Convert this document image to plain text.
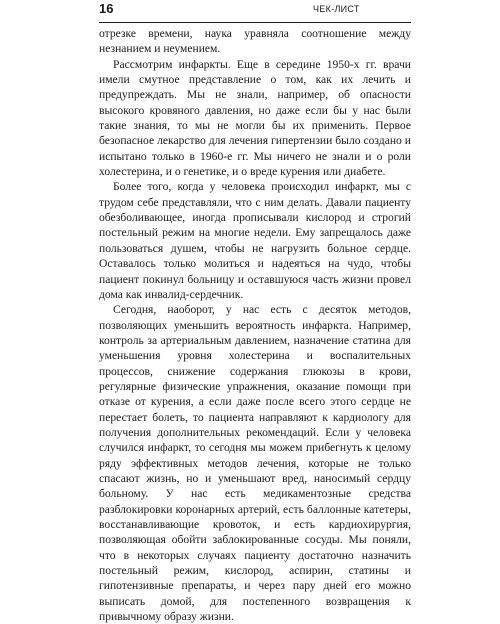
16	ЧЕК-ЛИСТ

отрезке времени, наука уравняла соотношение между незнанием и неумением.

Рассмотрим инфаркты. Еще в середине 1950-х гг. врачи имели смутное представление о том, как их лечить и предупреждать. Мы не знали, например, об опасности высокого кровяного давления, но даже если бы у нас были такие знания, то мы не могли бы их применить. Первое безопасное лекарство для лечения гипертензии было создано и испытано только в 1960-е гг. Мы ничего не знали и о роли холестерина, и о генетике, и о вреде курения или диабете.

Более того, когда у человека происходил инфаркт, мы с трудом себе представляли, что с ним делать. Давали пациенту обезболивающее, иногда прописывали кислород и строгий постельный режим на многие недели. Ему запрещалось даже пользоваться душем, чтобы не нагрузить больное сердце. Оставалось только молиться и надеяться на чудо, чтобы пациент покинул больницу и оставшуюся часть жизни провел дома как инвалид-сердечник.

Сегодня, наоборот, у нас есть с десяток методов, позволяющих уменьшить вероятность инфаркта. Например, контроль за артериальным давлением, назначение статина для уменьшения уровня холестерина и воспалительных процессов, снижение содержания глюкозы в крови, регулярные физические упражнения, оказание помощи при отказе от курения, а если даже после всего этого сердце не перестает болеть, то пациента направляют к кардиологу для получения дополнительных рекомендаций. Если у человека случился инфаркт, то сегодня мы можем прибегнуть к целому ряду эффективных методов лечения, которые не только спасают жизнь, но и уменьшают вред, наносимый сердцу больному. У нас есть медикаментозные средства разблокировки коронарных артерий, есть баллонные катетеры, восстанавливающие кровоток, и есть кардиохирургия, позволяющая обойти заблокированные сосуды. Мы поняли, что в некоторых случаях пациенту достаточно назначить постельный режим, кислород, аспирин, статины и гипотензивные препараты, и через пару дней его можно выписать домой, для постепенного возвращения к привычному образу жизни.
